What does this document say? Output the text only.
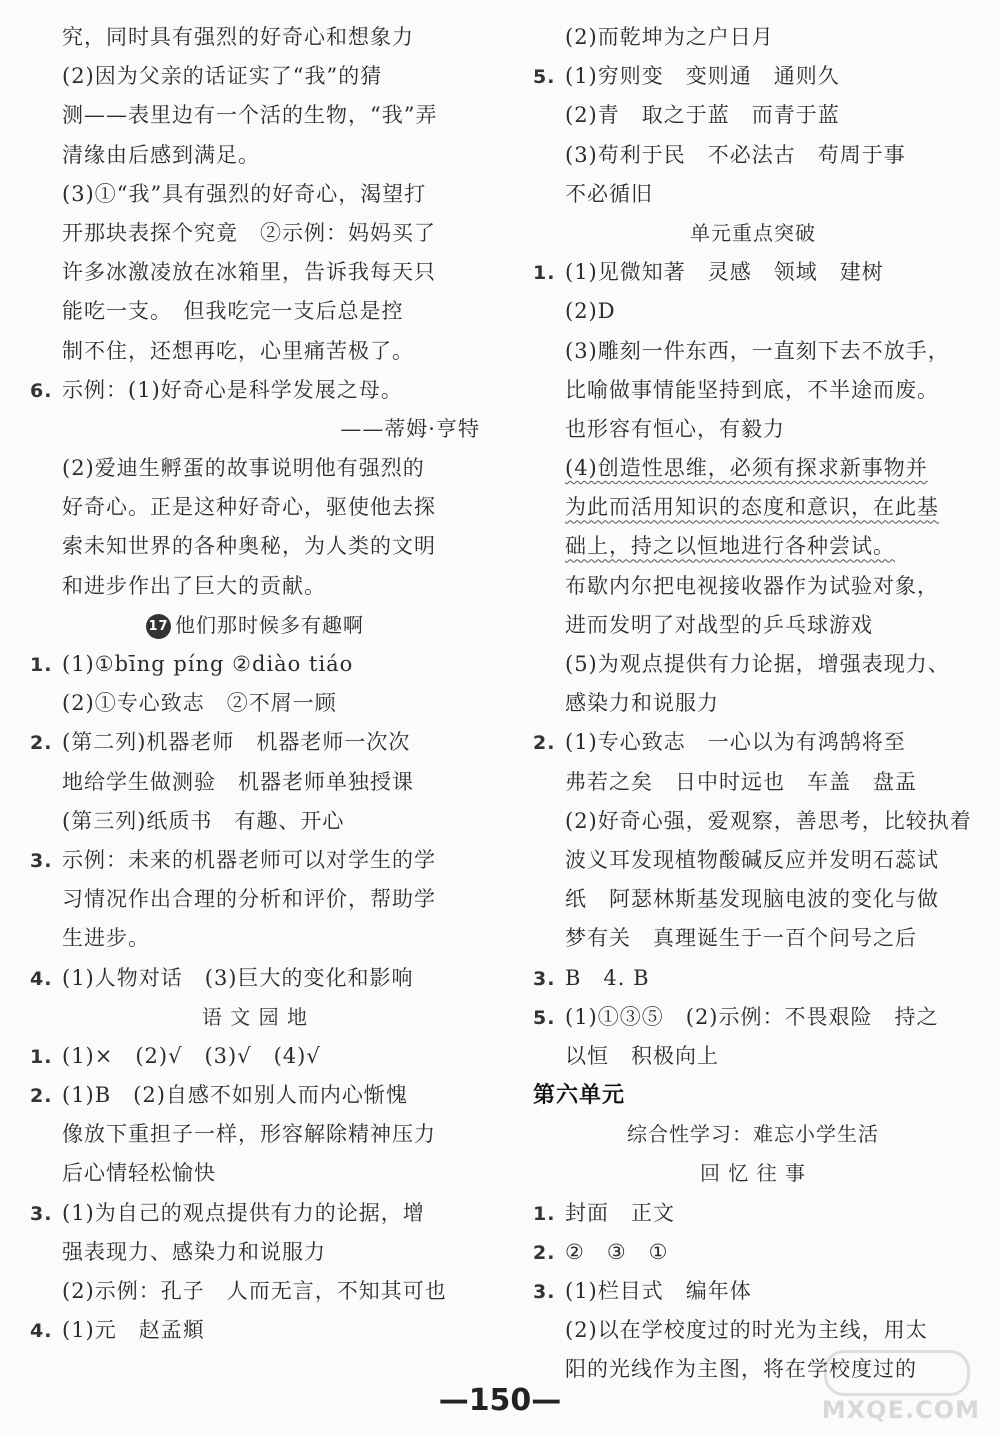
究，同时具有强烈的好奇心和想象力
(2)因为父亲的话证实了“我”的猜
测——表里边有一个活的生物，“我”弄
清缘由后感到满足。
(3)①“我”具有强烈的好奇心，渴望打
开那块表探个究竟　②示例：妈妈买了
许多冰激凌放在冰箱里，告诉我每天只
能吃一支。　但我吃完一支后总是控
制不住，还想再吃，心里痛苦极了。
6. 示例：(1)好奇心是科学发展之母。
——蒂姆·亨特
(2)爱迪生孵蛋的故事说明他有强烈的
好奇心。正是这种好奇心，驱使他去探
索未知世界的各种奥秘，为人类的文明
和进步作出了巨大的贡献。
17 他们那时候多有趣啊
1. (1)①bīng píng ②diào tiáo
(2)①专心致志　②不屑一顾
2. (第二列)机器老师　机器老师一次次
地给学生做测验　机器老师单独授课
(第三列)纸质书　有趣、开心
3. 示例：未来的机器老师可以对学生的学
习情况作出合理的分析和评价，帮助学
生进步。
4. (1)人物对话　(3)巨大的变化和影响
语 文 园 地
1. (1)×　(2)√　(3)√　(4)√
2. (1)B　(2)自感不如别人而内心惭愧
像放下重担子一样，形容解除精神压力
后心情轻松愉快
3. (1)为自己的观点提供有力的论据，增
强表现力、感染力和说服力
(2)示例：孔子　人而无言，不知其可也
4. (1)元　赵孟頫
(2)而乾坤为之户日月
5. (1)穷则变　变则通　通则久
(2)青　取之于蓝　而青于蓝
(3)苟利于民　不必法古　苟周于事
不必循旧
单元重点突破
1. (1)见微知著　灵感　领域　建树
(2)D
(3)雕刻一件东西，一直刻下去不放手，
比喻做事情能坚持到底，不半途而废。
也形容有恒心，有毅力
(4)创造性思维，必须有探求新事物并
为此而活用知识的态度和意识，在此基
础上，持之以恒地进行各种尝试。
布歇内尔把电视接收器作为试验对象，
进而发明了对战型的乒乓球游戏
(5)为观点提供有力论据，增强表现力、
感染力和说服力
2. (1)专心致志　一心以为有鸿鹄将至
弗若之矣　日中时远也　车盖　盘盂
(2)好奇心强，爱观察，善思考，比较执着
波义耳发现植物酸碱反应并发明石蕊试
纸　阿瑟林斯基发现脑电波的变化与做
梦有关　真理诞生于一百个问号之后
3. B　4. B
5. (1)①③⑤　(2)示例：不畏艰险　持之
以恒　积极向上
第六单元
综合性学习：难忘小学生活
回 忆 往 事
1. 封面　正文
2. ②　③　①
3. (1)栏目式　编年体
(2)以在学校度过的时光为主线，用太
阳的光线作为主图，将在学校度过的
—150—	MXQE.COM
